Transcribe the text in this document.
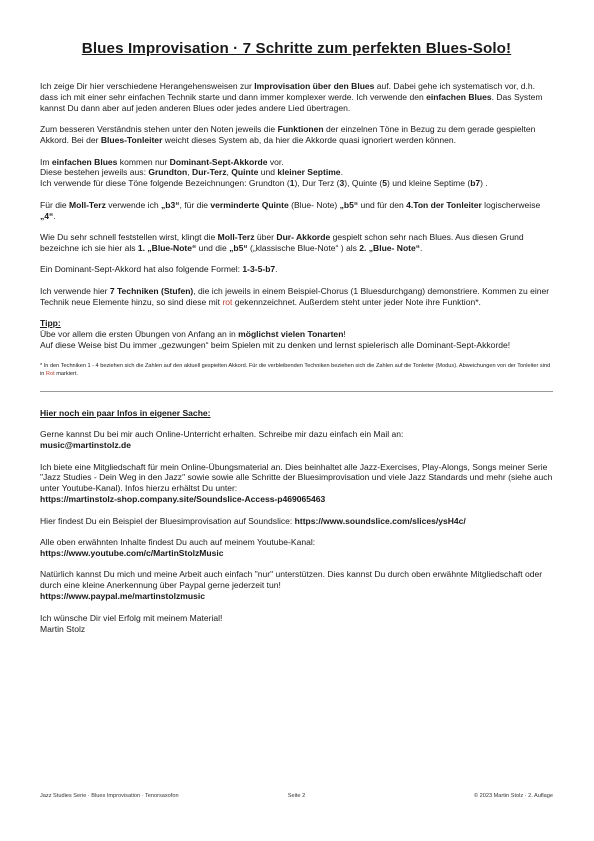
Blues Improvisation · 7 Schritte zum perfekten Blues-Solo!

Ich zeige Dir hier verschiedene Herangehensweisen zur Improvisation über den Blues auf. Dabei gehe ich systematisch vor, d.h. dass ich mit einer sehr einfachen Technik starte und dann immer komplexer werde. Ich verwende den einfachen Blues. Das System kannst Du dann aber auf jeden anderen Blues oder jedes andere Lied übertragen.

Zum besseren Verständnis stehen unter den Noten jeweils die Funktionen der einzelnen Töne in Bezug zu dem gerade gespielten Akkord. Bei der Blues-Tonleiter weicht dieses System ab, da hier die Akkorde quasi ignoriert werden können.

Im einfachen Blues kommen nur Dominant-Sept-Akkorde vor.
Diese bestehen jeweils aus: Grundton, Dur-Terz, Quinte und kleiner Septime.
Ich verwende für diese Töne folgende Bezeichnungen: Grundton (1), Dur Terz (3), Quinte (5) und kleine Septime (b7) .

Für die Moll-Terz verwende ich „b3“, für die verminderte Quinte (Blue- Note) „b5“ und für den 4.Ton der Tonleiter logischerweise „4“.

Wie Du sehr schnell feststellen wirst, klingt die Moll-Terz über Dur- Akkorde gespielt schon sehr nach Blues. Aus diesen Grund bezeichne ich sie hier als 1. „Blue-Note“ und die „b5“ („klassische Blue-Note“ ) als 2. „Blue- Note“.

Ein Dominant-Sept-Akkord hat also folgende Formel: 1-3-5-b7.

Ich verwende hier 7 Techniken (Stufen), die ich jeweils in einem Beispiel-Chorus (1 Bluesdurchgang) demonstriere. Kommen zu einer Technik neue Elemente hinzu, so sind diese mit rot gekennzeichnet. Außerdem steht unter jeder Note ihre Funktion*.

Tipp:
Übe vor allem die ersten Übungen von Anfang an in möglichst vielen Tonarten!
Auf diese Weise bist Du immer „gezwungen“ beim Spielen mit zu denken und lernst spielerisch alle Dominant-Sept-Akkorde!

* In den Techniken 1 - 4 beziehen sich die Zahlen auf den aktuell gespielten Akkord. Für die verbleibenden Techniken beziehen sich die Zahlen auf die Tonleiter (Modus). Abweichungen von der Tonleiter sind in Rot markiert.

Hier noch ein paar Infos in eigener Sache:

Gerne kannst Du bei mir auch Online-Unterricht erhalten. Schreibe mir dazu einfach ein Mail an:
music@martinstolz.de

Ich biete eine Mitgliedschaft für mein Online-Übungsmaterial an. Dies beinhaltet alle Jazz-Exercises, Play-Alongs, Songs meiner Serie "Jazz Studies - Dein Weg in den Jazz" sowie sowie alle Schritte der Bluesimprovisation und viele Jazz Standards und mehr (siehe auch unter Youtube-Kanal). Infos hierzu erhältst Du unter:
https://martinstolz-shop.company.site/Soundslice-Access-p469065463

Hier findest Du ein Beispiel der Bluesimprovisation auf Soundslice: https://www.soundslice.com/slices/ysH4c/

Alle oben erwähnten Inhalte findest Du auch auf meinem Youtube-Kanal:
https://www.youtube.com/c/MartinStolzMusic

Natürlich kannst Du mich und meine Arbeit auch einfach "nur" unterstützen. Dies kannst Du durch oben erwähnte Mitgliedschaft oder durch eine kleine Anerkennung über Paypal gerne jederzeit tun!
https://www.paypal.me/martinstolzmusic

Ich wünsche Dir viel Erfolg mit meinem Material!
Martin Stolz

Jazz Studies Serie · Blues Improvisation · Tenorsaxofon	Seite 2	© 2023 Martin Stolz · 2. Auflage
